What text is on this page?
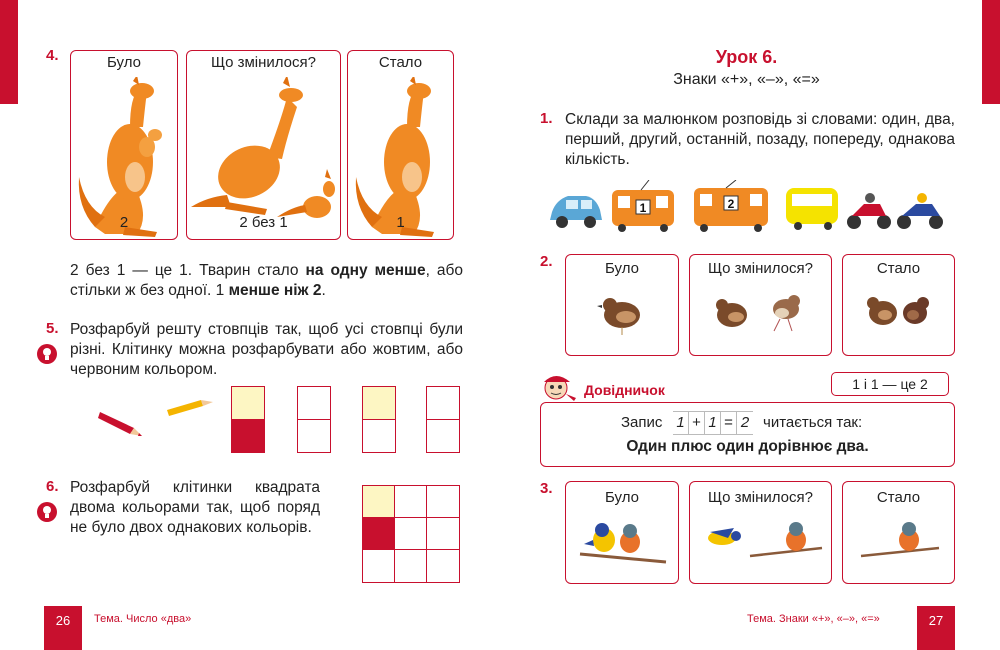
4.	Було
2
Що змінилося?
2 без 1
Стало
1
2 без 1 — це 1. Тварин стало на одну менше, або стільки ж без одної. 1 менше ніж 2.
5. Розфарбуй решту стовпців так, щоб усі стовпці були різні. Клітинку можна розфарбувати або жовтим, або червоним кольором.
6. Розфарбуй клітинки квадрата двома кольорами так, щоб поряд не було двох однакових кольорів.
26	Тема. Число «два»
Урок 6.
Знаки «+», «–», «=»
1. Склади за малюнком розповідь зі словами: один, два, перший, другий, останній, позаду, попереду, однакова кількість.
1	2
2.	Було	Що змінилося?	Стало
Довідничок	1 і 1 — це 2
Запис 1 + 1 = 2 читається так:
Один плюс один дорівнює два.
3.
Було	Що змінилося?	Стало
Тема. Знаки «+», «–», «=»	27
